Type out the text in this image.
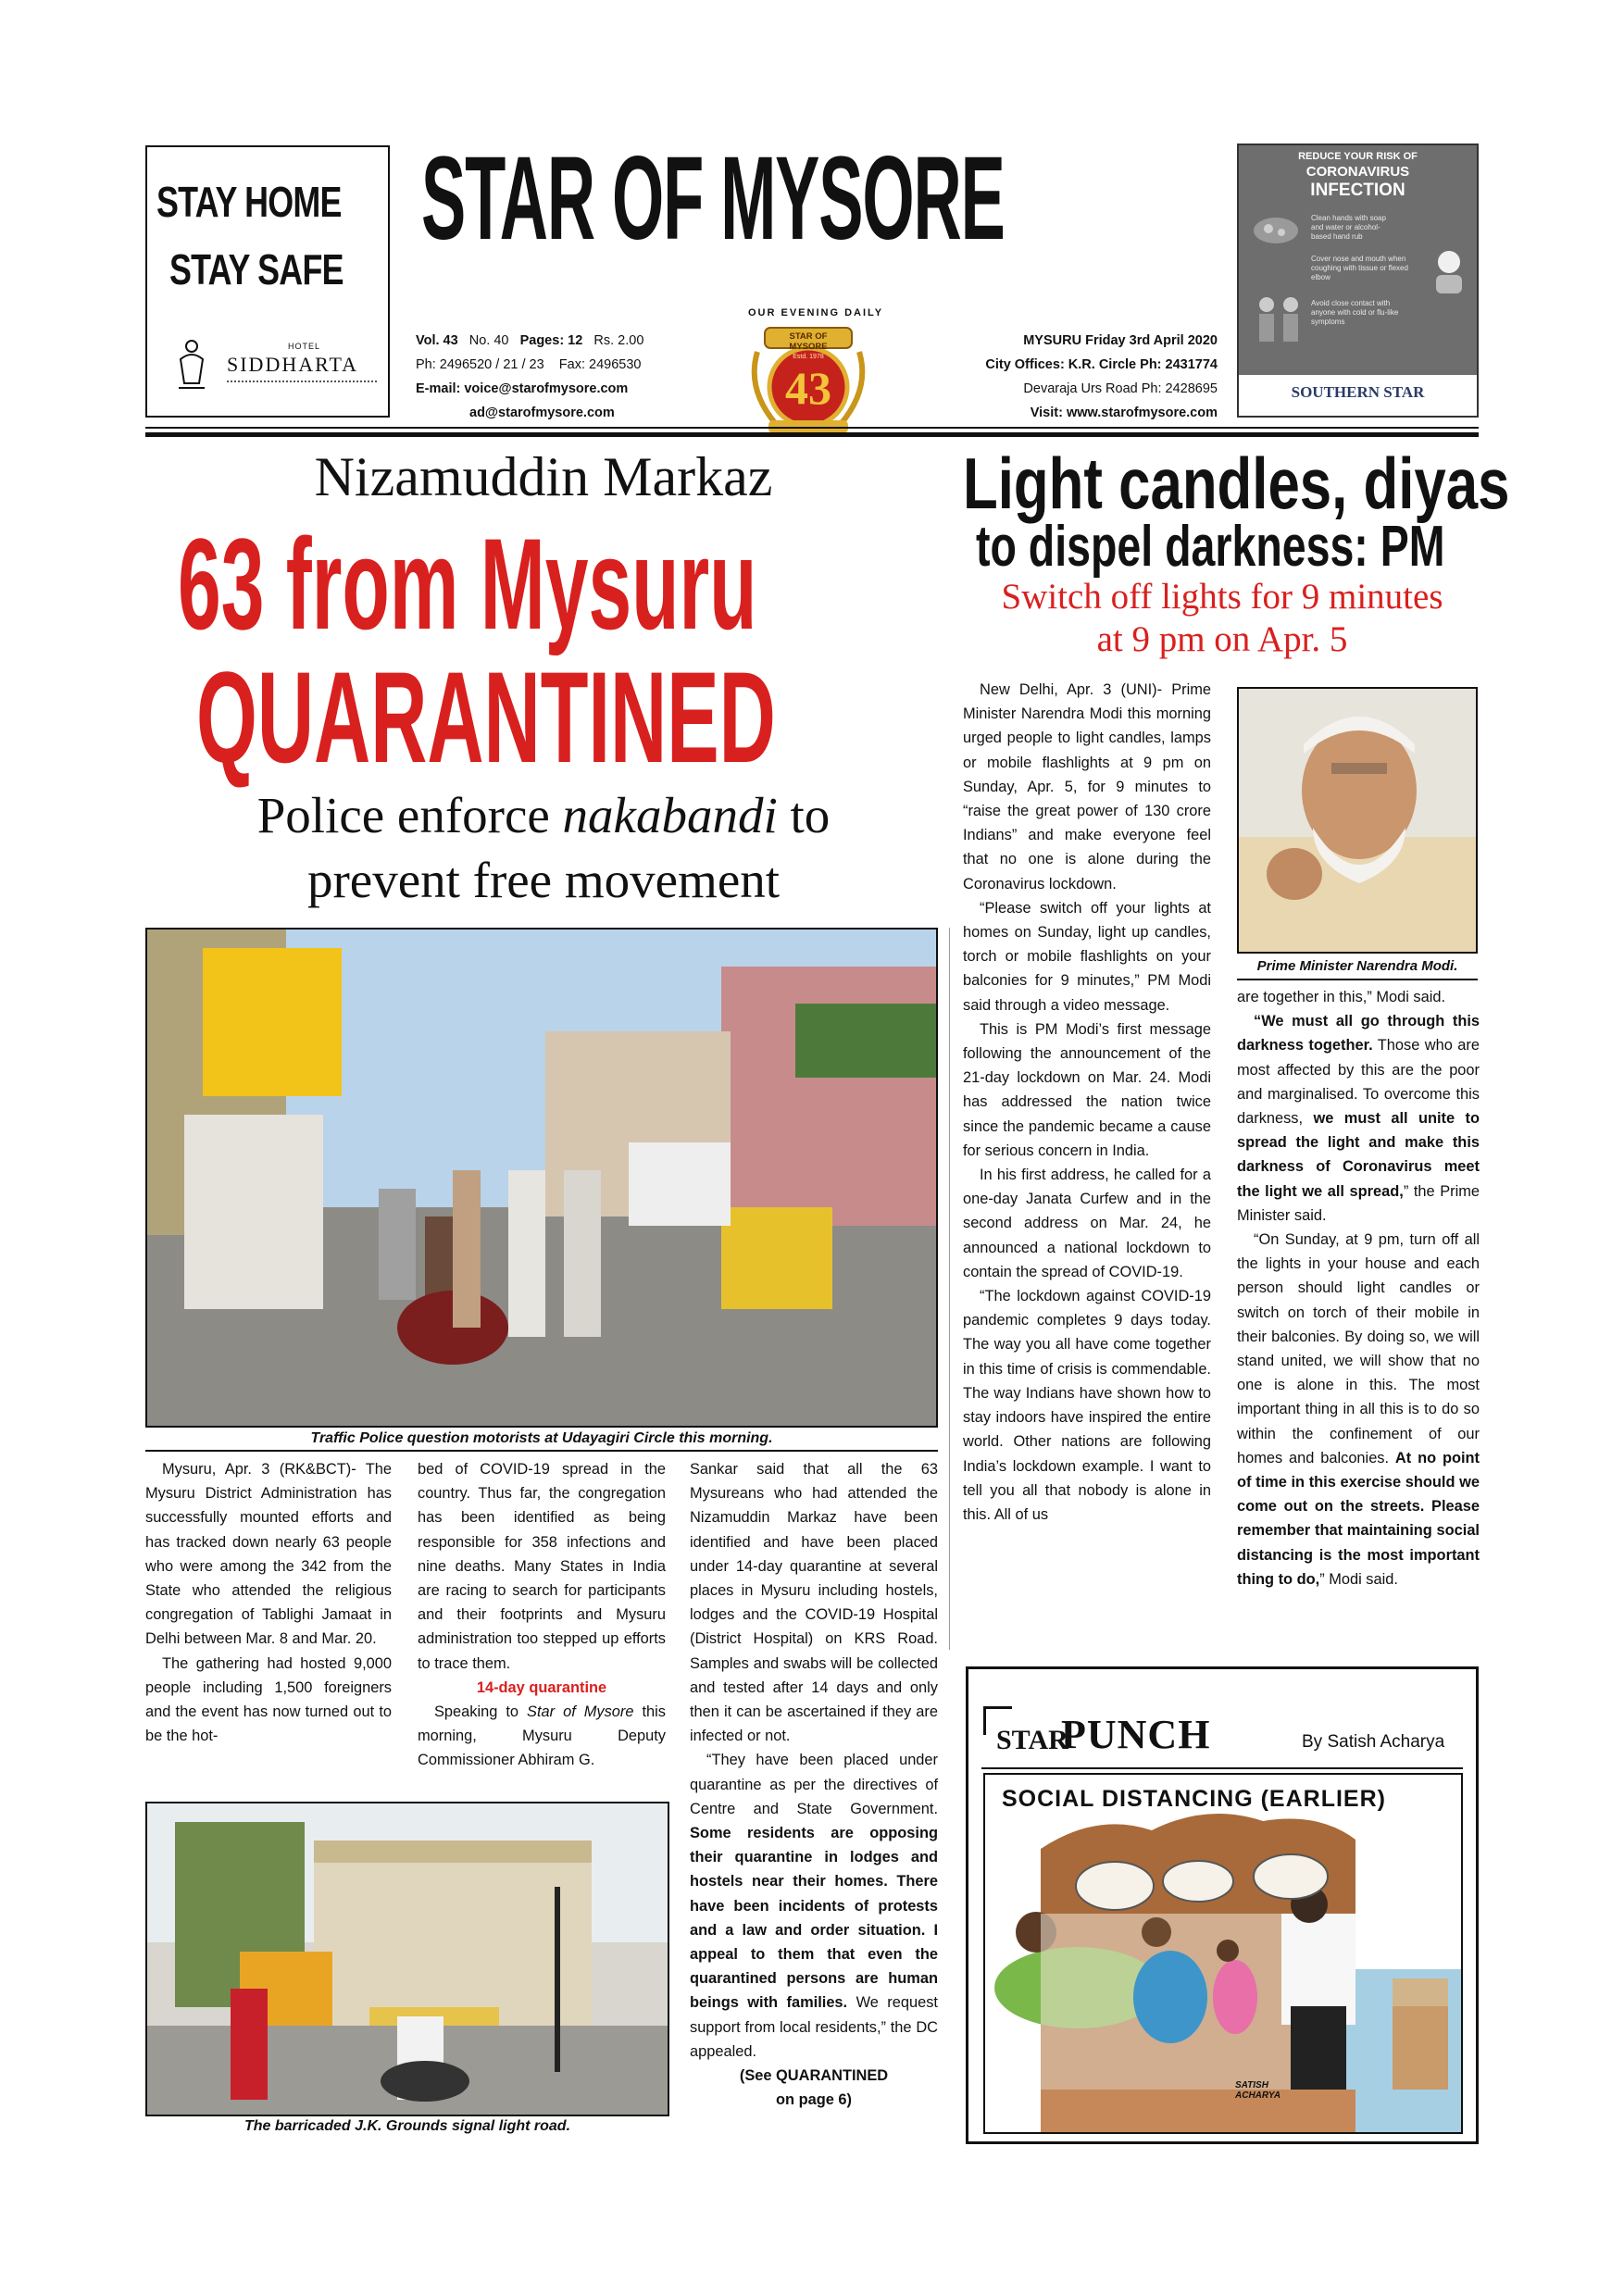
STAY HOME
STAY SAFE
HOTEL
SIDDHARTA
STAR OF MYSORE
OUR EVENING DAILY
Vol. 43 No. 40 Pages: 12 Rs. 2.00
Ph: 2496520 / 21 / 23 Fax: 2496530
E-mail: voice@starofmysore.com
ad@starofmysore.com
STAR OF MYSORE
Estd. 1978
43
MYSURU Friday 3rd April 2020
City Offices: K.R. Circle Ph: 2431774
Devaraja Urs Road Ph: 2428695
Visit: www.starofmysore.com
REDUCE YOUR RISK OF
CORONAVIRUS
INFECTION
Clean hands with soap and water or alcohol-based hand rub
Cover nose and mouth when coughing with tissue or flexed elbow
Avoid close contact with anyone with cold or flu-like symptoms
SOUTHERN STAR
Nizamuddin Markaz
63 from Mysuru
QUARANTINED
Police enforce nakabandi to
prevent free movement
Traffic Police question motorists at Udayagiri Circle this morning.

Mysuru, Apr. 3 (RK&BCT)- The Mysuru District Administration has successfully mounted efforts and has tracked down nearly 63 people who were among the 342 from the State who attended the religious congregation of Tablighi Jamaat in Delhi between Mar. 8 and Mar. 20.

The gathering had hosted 9,000 people including 1,500 foreigners and the event has now turned out to be the hot-

bed of COVID-19 spread in the country. Thus far, the congregation has been identified as being responsible for 358 infections and nine deaths. Many States in India are racing to search for participants and their footprints and Mysuru administration too stepped up efforts to trace them.

14-day quarantine

Speaking to Star of Mysore this morning, Mysuru Deputy Commissioner Abhiram G.

Sankar said that all the 63 Mysureans who had attended the Nizamuddin Markaz have been identified and have been placed under 14-day quarantine at several places in Mysuru including hostels, lodges and the COVID-19 Hospital (District Hospital) on KRS Road. Samples and swabs will be collected and tested after 14 days and only then it can be ascertained if they are infected or not.

“They have been placed under quarantine as per the directives of Centre and State Government. Some residents are opposing their quarantine in lodges and hostels near their homes. There have been incidents of protests and a law and order situation. I appeal to them that even the quarantined persons are human beings with families. We request support from local residents,” the DC appealed.

(See QUARANTINED

on page 6)

The barricaded J.K. Grounds signal light road.
Light candles, diyas
to dispel darkness: PM
Switch off lights for 9 minutes
at 9 pm on Apr. 5

New Delhi, Apr. 3 (UNI)- Prime Minister Narendra Modi this morning urged people to light candles, lamps or mobile flashlights at 9 pm on Sunday, Apr. 5, for 9 minutes to “raise the great power of 130 crore Indians” and make everyone feel that no one is alone during the Coronavirus lockdown.

“Please switch off your lights at homes on Sunday, light up candles, torch or mobile flashlights on your balconies for 9 minutes,” PM Modi said through a video message.

This is PM Modi’s first message following the announcement of the 21-day lockdown on Mar. 24. Modi has addressed the nation twice since the pandemic became a cause for serious concern in India.

In his first address, he called for a one-day Janata Curfew and in the second address on Mar. 24, he announced a national lockdown to contain the spread of COVID-19.

“The lockdown against COVID-19 pandemic completes 9 days today. The way you all have come together in this time of crisis is commendable. The way Indians have shown how to stay indoors have inspired the entire world. Other nations are following India’s lockdown example. I want to tell you all that nobody is alone in this. All of us

Prime Minister Narendra Modi.

are together in this,” Modi said.

“We must all go through this darkness together. Those who are most affected by this are the poor and marginalised. To overcome this darkness, we must all unite to spread the light and make this darkness of Coronavirus meet the light we all spread,” the Prime Minister said.

“On Sunday, at 9 pm, turn off all the lights in your house and each person should light candles or switch on torch of their mobile in their balconies. By doing so, we will stand united, we will show that no one is alone in this. The most important thing in all this is to do so within the confinement of our homes and balconies. At no point of time in this exercise should we come out on the streets. Please remember that maintaining social distancing is the most important thing to do,” Modi said.

STAR
PUNCH	By Satish Acharya
SOCIAL DISTANCING (EARLIER)
SATISH ACHARYA
